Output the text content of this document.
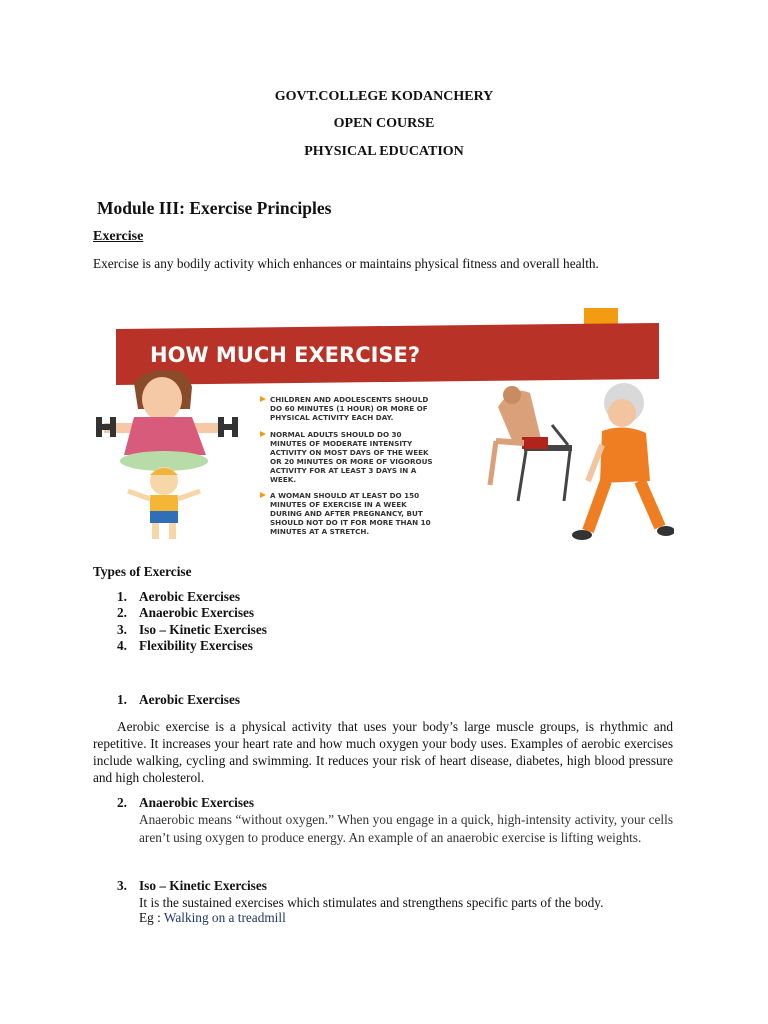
GOVT.COLLEGE KODANCHERY
OPEN COURSE
PHYSICAL EDUCATION
Module III: Exercise Principles
Exercise
Exercise is any bodily activity which enhances or maintains physical fitness and overall health.
HOW MUCH EXERCISE?
CHILDREN AND ADOLESCENTS SHOULD
DO 60 MINUTES (1 HOUR) OR MORE OF
PHYSICAL ACTIVITY EACH DAY.
NORMAL ADULTS SHOULD DO 30
MINUTES OF MODERATE INTENSITY
ACTIVITY ON MOST DAYS OF THE WEEK
OR 20 MINUTES OR MORE OF VIGOROUS
ACTIVITY FOR AT LEAST 3 DAYS IN A
WEEK.
A WOMAN SHOULD AT LEAST DO 150
MINUTES OF EXERCISE IN A WEEK
DURING AND AFTER PREGNANCY, BUT
SHOULD NOT DO IT FOR MORE THAN 10
MINUTES AT A STRETCH.
Types of Exercise
1. Aerobic Exercises
2. Anaerobic Exercises
3. Iso – Kinetic Exercises
4. Flexibility Exercises
1. Aerobic Exercises
Aerobic exercise is a physical activity that uses your body’s large muscle groups, is rhythmic and repetitive. It increases your heart rate and how much oxygen your body uses. Examples of aerobic exercises include walking, cycling and swimming. It reduces your risk of heart disease, diabetes, high blood pressure and high cholesterol.
2. Anaerobic Exercises
Anaerobic means “without oxygen.” When you engage in a quick, high-intensity activity, your cells aren’t using oxygen to produce energy. An example of an anaerobic exercise is lifting weights.
3. Iso – Kinetic Exercises
It is the sustained exercises which stimulates and strengthens specific parts of the body.
Eg : Walking on a treadmill
